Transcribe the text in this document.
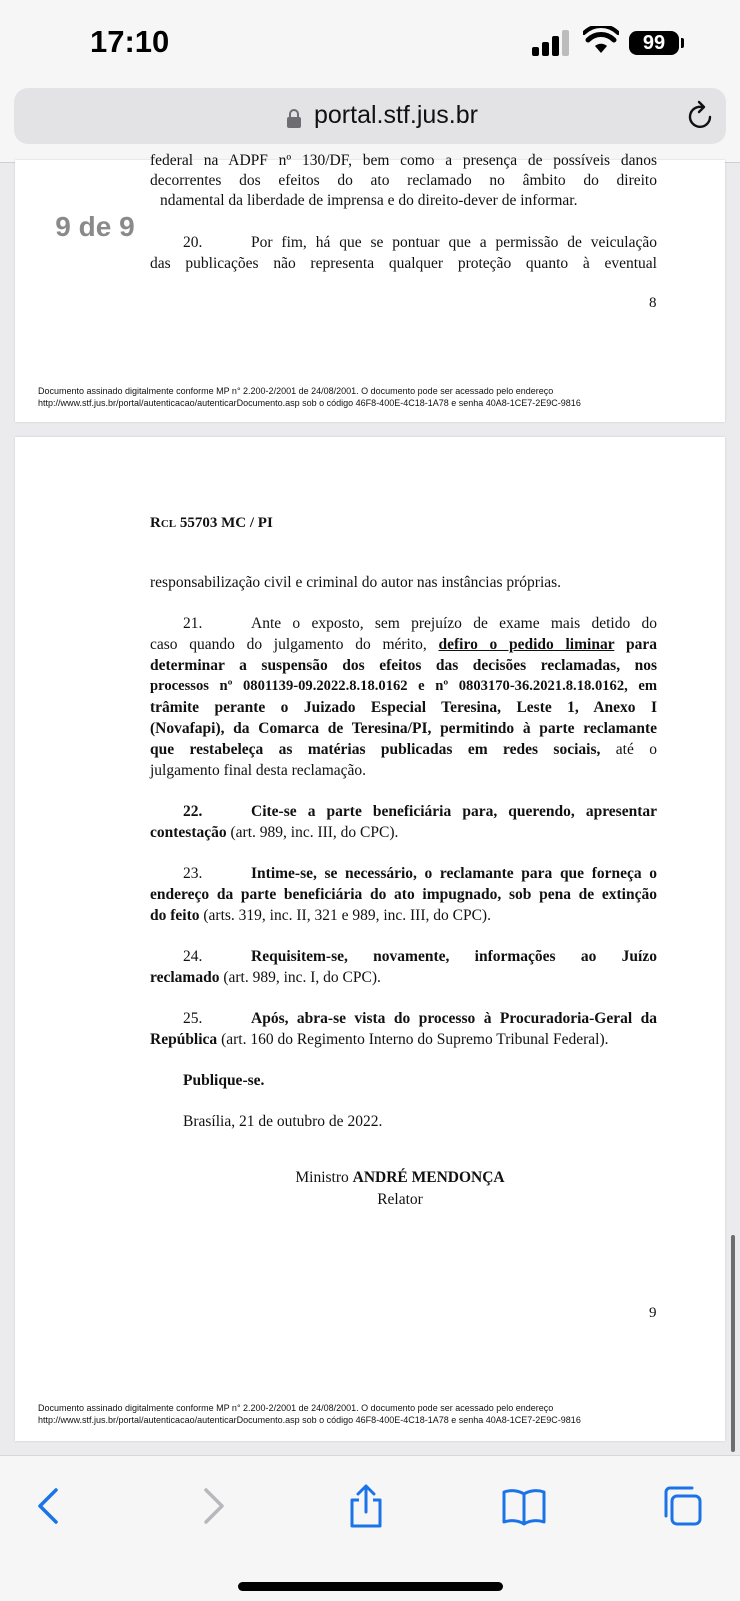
17:10	99
portal.stf.jus.br
federal na ADPF nº 130/DF, bem como a presença de possíveis danos
decorrentes dos efeitos do ato reclamado no âmbito do direito
ndamental da liberdade de imprensa e do direito-dever de informar.
20.	Por fim, há que se pontuar que a permissão de veiculação
das publicações não representa qualquer proteção quanto à eventual
8
Documento assinado digitalmente conforme MP n° 2.200-2/2001 de 24/08/2001. O documento pode ser acessado pelo endereço
http://www.stf.jus.br/portal/autenticacao/autenticarDocumento.asp sob o código 46F8-400E-4C18-1A78 e senha 40A8-1CE7-2E9C-9816
9 de 9
Rcl 55703 MC / PI
responsabilização civil e criminal do autor nas instâncias próprias.
21.	Ante o exposto, sem prejuízo de exame mais detido do
caso quando do julgamento do mérito, defiro o pedido liminar para
determinar a suspensão dos efeitos das decisões reclamadas, nos
processos nº 0801139-09.2022.8.18.0162 e nº 0803170-36.2021.8.18.0162, em
trâmite perante o Juizado Especial Teresina, Leste 1, Anexo I
(Novafapi), da Comarca de Teresina/PI, permitindo à parte reclamante
que restabeleça as matérias publicadas em redes sociais, até o
julgamento final desta reclamação.
22.	Cite-se a parte beneficiária para, querendo, apresentar
contestação (art. 989, inc. III, do CPC).
23.	Intime-se, se necessário, o reclamante para que forneça o
endereço da parte beneficiária do ato impugnado, sob pena de extinção
do feito (arts. 319, inc. II, 321 e 989, inc. III, do CPC).
24.	Requisitem-se, novamente, informações ao Juízo
reclamado (art. 989, inc. I, do CPC).
25.	Após, abra-se vista do processo à Procuradoria-Geral da
República (art. 160 do Regimento Interno do Supremo Tribunal Federal).
Publique-se.
Brasília, 21 de outubro de 2022.
Ministro ANDRÉ MENDONÇA
Relator
9
Documento assinado digitalmente conforme MP n° 2.200-2/2001 de 24/08/2001. O documento pode ser acessado pelo endereço
http://www.stf.jus.br/portal/autenticacao/autenticarDocumento.asp sob o código 46F8-400E-4C18-1A78 e senha 40A8-1CE7-2E9C-9816
